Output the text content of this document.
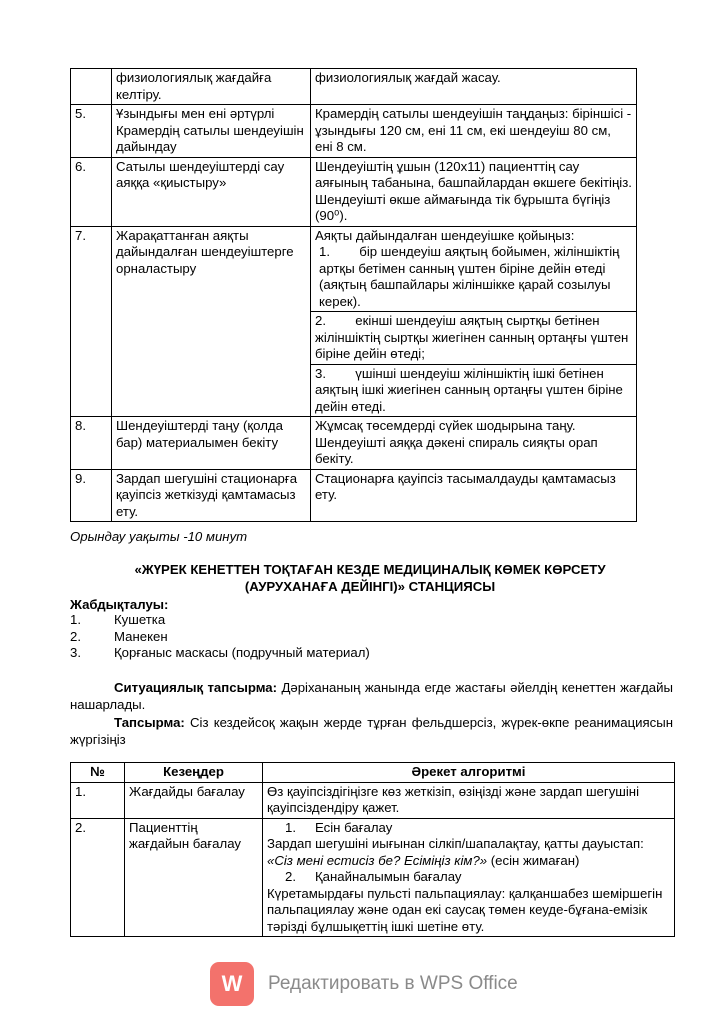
	физиологиялық жағдайға келтіру.	физиологиялық жағдай жасау.
5.	Ұзындығы мен ені әртүрлі Крамердің сатылы шендеуішін дайындау	Крамердің сатылы шендеуішін таңдаңыз: біріншісі - ұзындығы 120 см, ені 11 см, екі шендеуіш 80 см, ені 8 см.
6.	Сатылы шендеуіштерді сау аяққа «қиыстыру»	Шендеуіштің ұшын (120х11) пациенттің сау аяғының табанына, башпайлардан өкшеге бекітіңіз. Шендеуішті өкше аймағында тік бұрышта бүгіңіз (90⁰).
7.	Жарақаттанған аяқты дайындалған шендеуіштерге орналастыру	Аяқты дайындалған шендеуішке қойыңыз:
1.        бір шендеуіш аяқтың бойымен, жіліншіктің артқы бетімен санның үштен біріне дейін өтеді (аяқтың башпайлары жіліншікке қарай созылуы керек).

		2.        екінші шендеуіш аяқтың сыртқы бетінен жіліншіктің сыртқы жиегінен санның ортаңғы үштен біріне дейін өтеді;
		3.        үшінші шендеуіш жіліншіктің ішкі бетінен аяқтың ішкі жиегінен санның ортаңғы үштен біріне дейін өтеді.
8.	Шендеуіштерді таңу (қолда бар) материалымен бекіту	Жұмсақ төсемдерді сүйек шодырына таңу. Шендеуішті аяққа дәкені спираль сияқты орап бекіту.
9.	Зардап шегушіні стационарға қауіпсіз жеткізуді қамтамасыз ету.	Стационарға қауіпсіз тасымалдауды қамтамасыз ету.

Орындау уақыты -10 минут

«ЖҮРЕК КЕНЕТТЕН ТОҚТАҒАН КЕЗДЕ МЕДИЦИНАЛЫҚ КӨМЕК КӨРСЕТУ

(АУРУХАНАҒА ДЕЙІНГІ)» СТАНЦИЯСЫ

Жабдықталуы:

1.	Кушетка
2.	Манекен
3.	Қорғаныс маскасы (подручный материал)

Ситуациялық тапсырма: Дәріхананың жанында егде жастағы әйелдің кенеттен жағдайы нашарлады.

Тапсырма: Сіз кездейсоқ жақын жерде тұрған фельдшерсіз, жүрек-өкпе реанимациясын жүргізіңіз

№	Кезеңдер	Әрекет алгоритмі
1.	Жағдайды бағалау	Өз қауіпсіздігіңізге көз жеткізіп, өзіңізді және зардап шегушіні қауіпсіздендіру қажет.
2.	Пациенттің жағдайын бағалау	1. Есін бағалау
Зардап шегушіні иығынан сілкіп/шапалақтау, қатты дауыстап: «Сіз мені естисіз бе? Есіміңіз кім?» (есін жимаған)
2. Қанайналымын бағалау
Күретамырдағы пульсті пальпациялау: қалқаншабез шеміршегін пальпациялау және одан екі саусақ төмен кеуде-бұғана-емізік тәрізді бұлшықеттің ішкі шетіне өту.
W	Редактировать в WPS Office
